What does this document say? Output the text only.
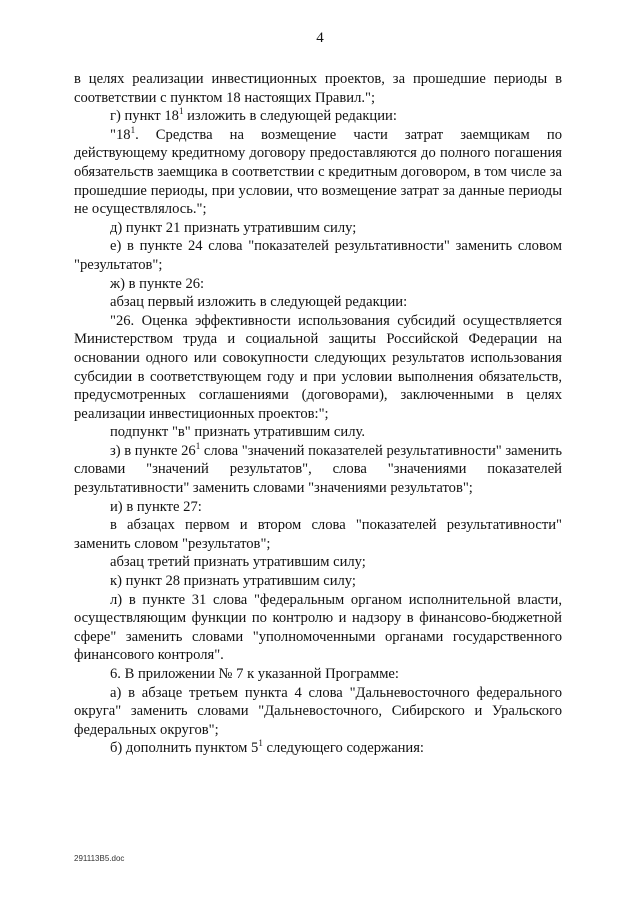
4

в целях реализации инвестиционных проектов, за прошедшие периоды в соответствии с пунктом 18 настоящих Правил.";

г) пункт $18^1$ изложить в следующей редакции:

"$18^1$. Средства на возмещение части затрат заемщикам по действующему кредитному договору предоставляются до полного погашения обязательств заемщика в соответствии с кредитным договором, в том числе за прошедшие периоды, при условии, что возмещение затрат за данные периоды не осуществлялось.";

д) пункт 21 признать утратившим силу;

е) в пункте 24 слова "показателей результативности" заменить словом "результатов";

ж) в пункте 26:

абзац первый изложить в следующей редакции:

"26. Оценка эффективности использования субсидий осуществляется Министерством труда и социальной защиты Российской Федерации на основании одного или совокупности следующих результатов использования субсидии в соответствующем году и при условии выполнения обязательств, предусмотренных соглашениями (договорами), заключенными в целях реализации инвестиционных проектов:";

подпункт "в" признать утратившим силу.

з) в пункте $26^1$ слова "значений показателей результативности" заменить словами "значений результатов", слова "значениями показателей результативности" заменить словами "значениями результатов";

и) в пункте 27:

в абзацах первом и втором слова "показателей результативности" заменить словом "результатов";

абзац третий признать утратившим силу;

к) пункт 28 признать утратившим силу;

л) в пункте 31 слова "федеральным органом исполнительной власти, осуществляющим функции по контролю и надзору в финансово-бюджетной сфере" заменить словами "уполномоченными органами государственного финансового контроля".

6. В приложении № 7 к указанной Программе:

а) в абзаце третьем пункта 4 слова "Дальневосточного федерального округа" заменить словами "Дальневосточного, Сибирского и Уральского федеральных округов";

б) дополнить пунктом $5^1$ следующего содержания:

291113B5.doc
